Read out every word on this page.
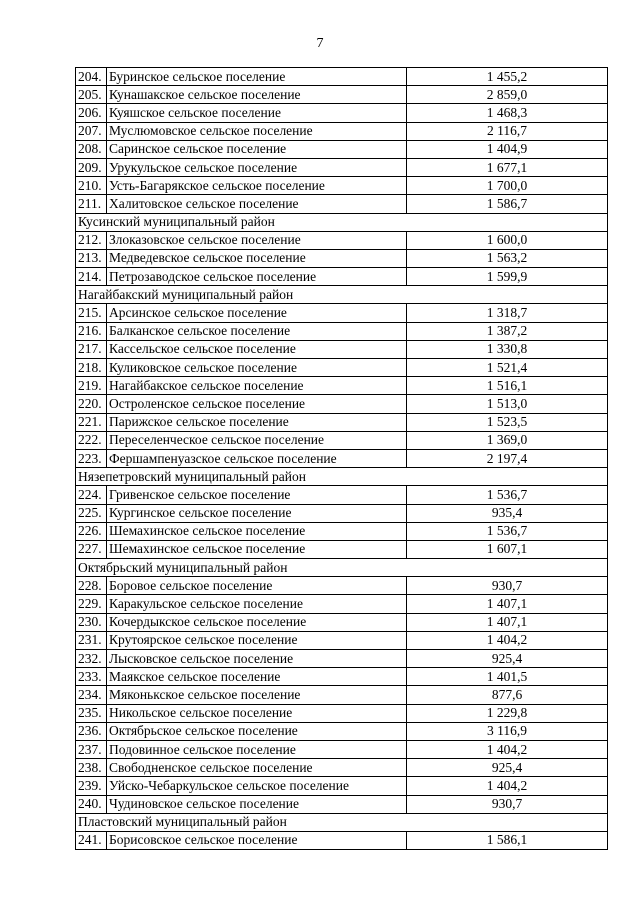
7
204.	Буринское сельское поселение	1 455,2
205.	Кунашакское сельское поселение	2 859,0
206.	Куяшское сельское поселение	1 468,3
207.	Муслюмовское сельское поселение	2 116,7
208.	Саринское сельское поселение	1 404,9
209.	Урукульское сельское поселение	1 677,1
210.	Усть-Багарякское сельское поселение	1 700,0
211.	Халитовское сельское поселение	1 586,7
Кусинский муниципальный район		
212.	Злоказовское сельское поселение	1 600,0
213.	Медведевское сельское поселение	1 563,2
214.	Петрозаводское сельское поселение	1 599,9
Нагайбакский муниципальный район		
215.	Арсинское сельское поселение	1 318,7
216.	Балканское сельское поселение	1 387,2
217.	Кассельское сельское поселение	1 330,8
218.	Куликовское сельское поселение	1 521,4
219.	Нагайбакское сельское поселение	1 516,1
220.	Остроленское сельское поселение	1 513,0
221.	Парижское сельское поселение	1 523,5
222.	Переселенческое сельское поселение	1 369,0
223.	Фершампенуазское сельское поселение	2 197,4
Нязепетровский муниципальный район		
224.	Гривенское сельское поселение	1 536,7
225.	Кургинское сельское поселение	935,4
226.	Шемахинское сельское поселение	1 536,7
227.	Шемахинское сельское поселение	1 607,1
Октябрьский муниципальный район		
228.	Боровое сельское поселение	930,7
229.	Каракульское сельское поселение	1 407,1
230.	Кочердыкское сельское поселение	1 407,1
231.	Крутоярское сельское поселение	1 404,2
232.	Лысковское сельское поселение	925,4
233.	Маякское сельское поселение	1 401,5
234.	Мяконькское сельское поселение	877,6
235.	Никольское сельское поселение	1 229,8
236.	Октябрьское сельское поселение	3 116,9
237.	Подовинное сельское поселение	1 404,2
238.	Свободненское сельское поселение	925,4
239.	Уйско-Чебаркульское сельское поселение	1 404,2
240.	Чудиновское сельское поселение	930,7
Пластовский муниципальный район		
241.	Борисовское сельское поселение	1 586,1
